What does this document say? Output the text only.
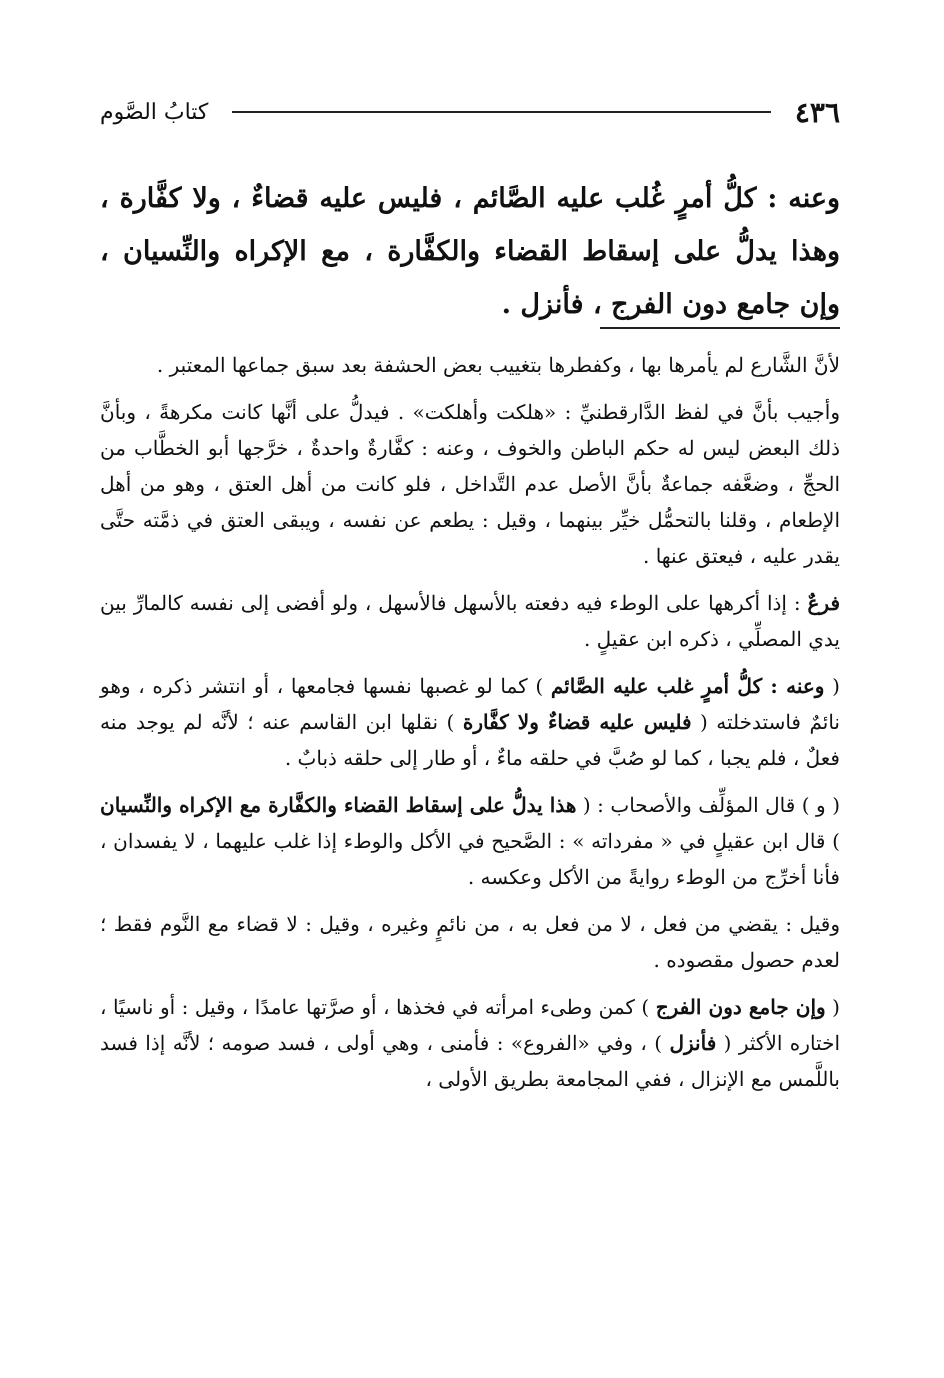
٤٣٦
كتابُ الصَّوم

وعنه : كلُّ أمرٍ غُلب عليه الصَّائم ، فليس عليه قضاءٌ ، ولا كفَّارة ، وهذا يدلُّ على إسقاط القضاء والكفَّارة ، مع الإكراه والنِّسيان ، وإن جامع دون الفرج ، فأنزل .

لأنَّ الشَّارع لم يأمرها بها ، وكفطرها بتغييب بعض الحشفة بعد سبق جماعها المعتبر .

وأجيب بأنَّ في لفظ الدَّارقطنيِّ : «هلكت وأهلكت» . فيدلُّ على أنَّها كانت مكرهةً ، وبأنَّ ذلك البعض ليس له حكم الباطن والخوف ، وعنه : كفَّارةٌ واحدةٌ ، خرَّجها أبو الخطَّاب من الحجِّ ، وضعَّفه جماعةٌ بأنَّ الأصل عدم التَّداخل ، فلو كانت من أهل العتق ، وهو من أهل الإطعام ، وقلنا بالتحمُّل خيِّر بينهما ، وقيل : يطعم عن نفسه ، ويبقى العتق في ذمَّته حتَّى يقدر عليه ، فيعتق عنها .

فرعٌ : إذا أكرهها على الوطء فيه دفعته بالأسهل فالأسهل ، ولو أفضى إلى نفسه كالمارِّ بين يدي المصلِّي ، ذكره ابن عقيلٍ .

( وعنه : كلُّ أمرٍ غلب عليه الصَّائم ) كما لو غصبها نفسها فجامعها ، أو انتشر ذكره ، وهو نائمٌ فاستدخلته ( فليس عليه قضاءٌ ولا كفَّارة ) نقلها ابن القاسم عنه ؛ لأنَّه لم يوجد منه فعلٌ ، فلم يجبا ، كما لو صُبَّ في حلقه ماءٌ ، أو طار إلى حلقه ذبابٌ .

( و ) قال المؤلِّف والأصحاب : ( هذا يدلُّ على إسقاط القضاء والكفَّارة مع الإكراه والنِّسيان ) قال ابن عقيلٍ في « مفرداته » : الصَّحيح في الأكل والوطء إذا غلب عليهما ، لا يفسدان ، فأنا أخرِّج من الوطء روايةً من الأكل وعكسه .

وقيل : يقضي من فعل ، لا من فعل به ، من نائمٍ وغيره ، وقيل : لا قضاء مع النَّوم فقط ؛ لعدم حصول مقصوده .

( وإن جامع دون الفرج ) كمن وطىء امرأته في فخذها ، أو صرَّتها عامدًا ، وقيل : أو ناسيًا ، اختاره الأكثر ( فأنزل ) ، وفي «الفروع» : فأمنى ، وهي أولى ، فسد صومه ؛ لأنَّه إذا فسد باللَّمس مع الإنزال ، ففي المجامعة بطريق الأولى ،
